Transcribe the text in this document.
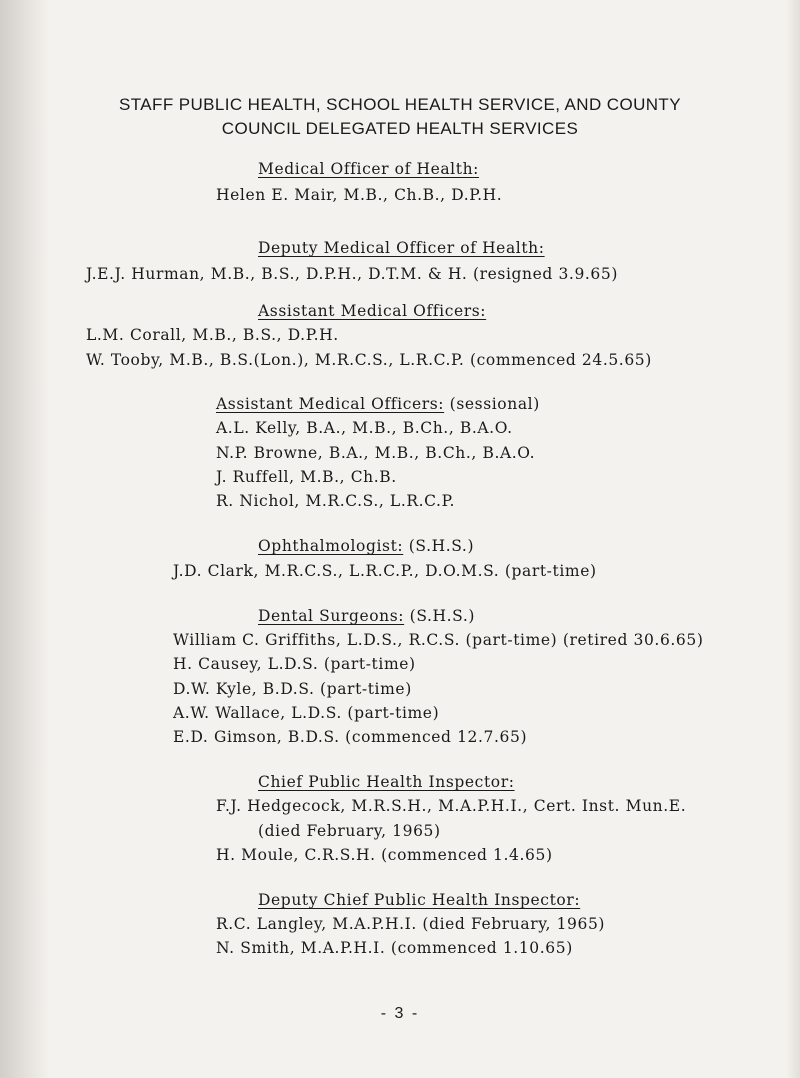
STAFF PUBLIC HEALTH, SCHOOL HEALTH SERVICE, AND COUNTY
COUNCIL DELEGATED HEALTH SERVICES
Medical Officer of Health:
Helen E. Mair, M.B., Ch.B., D.P.H.
Deputy Medical Officer of Health:
J.E.J. Hurman, M.B., B.S., D.P.H., D.T.M. & H. (resigned 3.9.65)
Assistant Medical Officers:
L.M. Corall, M.B., B.S., D.P.H.
W. Tooby, M.B., B.S.(Lon.), M.R.C.S., L.R.C.P. (commenced 24.5.65)
Assistant Medical Officers: (sessional)
A.L. Kelly, B.A., M.B., B.Ch., B.A.O.
N.P. Browne, B.A., M.B., B.Ch., B.A.O.
J. Ruffell, M.B., Ch.B.
R. Nichol, M.R.C.S., L.R.C.P.
Ophthalmologist: (S.H.S.)
J.D. Clark, M.R.C.S., L.R.C.P., D.O.M.S. (part-time)
Dental Surgeons: (S.H.S.)
William C. Griffiths, L.D.S., R.C.S. (part-time) (retired 30.6.65)
H. Causey, L.D.S. (part-time)
D.W. Kyle, B.D.S. (part-time)
A.W. Wallace, L.D.S. (part-time)
E.D. Gimson, B.D.S. (commenced 12.7.65)
Chief Public Health Inspector:
F.J. Hedgecock, M.R.S.H., M.A.P.H.I., Cert. Inst. Mun.E.
(died February, 1965)
H. Moule, C.R.S.H. (commenced 1.4.65)
Deputy Chief Public Health Inspector:
R.C. Langley, M.A.P.H.I. (died February, 1965)
N. Smith, M.A.P.H.I. (commenced 1.10.65)
- 3 -
